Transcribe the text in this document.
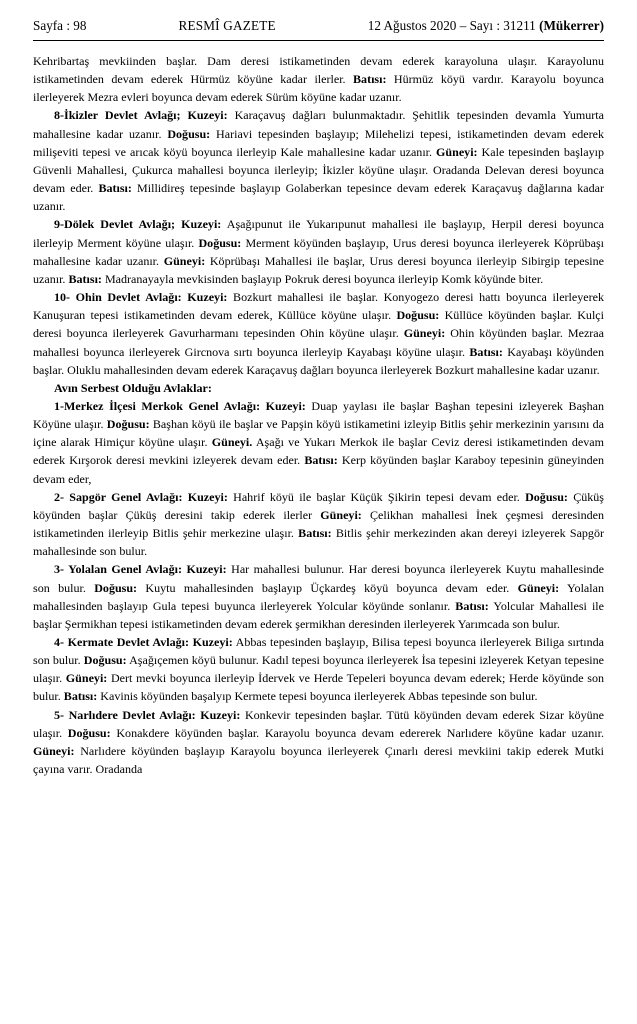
Sayfa : 98	RESMÎ GAZETE	12 Ağustos 2020 – Sayı : 31211 (Mükerrer)

Kehribartaş mevkiinden başlar. Dam deresi istikametinden devam ederek karayoluna ulaşır. Karayolunu istikametinden devam ederek Hürmüz köyüne kadar ilerler. Batısı: Hürmüz köyü vardır. Karayolu boyunca ilerleyerek Mezra evleri boyunca devam ederek Sürüm köyüne kadar uzanır.

8-İkizler Devlet Avlağı; Kuzeyi: Karaçavuş dağları bulunmaktadır. Şehitlik tepesinden devamla Yumurta mahallesine kadar uzanır. Doğusu: Hariavi tepesinden başlayıp; Milehelizi tepesi, istikametinden devam ederek milişeviti tepesi ve arıcak köyü boyunca ilerleyip Kale mahallesine kadar uzanır. Güneyi: Kale tepesinden başlayıp Güvenli Mahallesi, Çukurca mahallesi boyunca ilerleyip; İkizler köyüne ulaşır. Oradanda Delevan deresi boyunca devam eder. Batısı: Millidireş tepesinde başlayıp Golaberkan tepesince devam ederek Karaçavuş dağlarına kadar uzanır.

9-Dölek Devlet Avlağı; Kuzeyi: Aşağıpunut ile Yukarıpunut mahallesi ile başlayıp, Herpil deresi boyunca ilerleyip Merment köyüne ulaşır. Doğusu: Merment köyünden başlayıp, Urus deresi boyunca ilerleyerek Köprübaşı mahallesine kadar uzanır. Güneyi: Köprübaşı Mahallesi ile başlar, Urus deresi boyunca ilerleyip Sibirgip tepesine uzanır. Batısı: Madranayayla mevkisinden başlayıp Pokruk deresi boyunca ilerleyip Komk köyünde biter.

10- Ohin Devlet Avlağı: Kuzeyi: Bozkurt mahallesi ile başlar. Konyogezo deresi hattı boyunca ilerleyerek Kanuşuran tepesi istikametinden devam ederek, Küllüce köyüne ulaşır. Doğusu: Küllüce köyünden başlar. Kulçi deresi boyunca ilerleyerek Gavurharmanı tepesinden Ohin köyüne ulaşır. Güneyi: Ohin köyünden başlar. Mezraa mahallesi boyunca ilerleyerek Gircnova sırtı boyunca ilerleyip Kayabaşı köyüne ulaşır. Batısı: Kayabaşı köyünden başlar. Oluklu mahallesinden devam ederek Karaçavuş dağları boyunca ilerleyerek Bozkurt mahallesine kadar uzanır.

Avın Serbest Olduğu Avlaklar:

1-Merkez İlçesi Merkok Genel Avlağı: Kuzeyi: Duap yaylası ile başlar Başhan tepesini izleyerek Başhan Köyüne ulaşır. Doğusu: Başhan köyü ile başlar ve Papşin köyü istikametini izleyip Bitlis şehir merkezinin yarısını da içine alarak Himiçur köyüne ulaşır. Güneyi. Aşağı ve Yukarı Merkok ile başlar Ceviz deresi istikametinden devam ederek Kırşorok deresi mevkini izleyerek devam eder. Batısı: Kerp köyünden başlar Karaboy tepesinin güneyinden devam eder,

2- Sapgör Genel Avlağı: Kuzeyi: Hahrif köyü ile başlar Küçük Şikirin tepesi devam eder. Doğusu: Çüküş köyünden başlar Çüküş deresini takip ederek ilerler Güneyi: Çelikhan mahallesi İnek çeşmesi deresinden istikametinden ilerleyip Bitlis şehir merkezine ulaşır. Batısı: Bitlis şehir merkezinden akan dereyi izleyerek Sapgör mahallesinde son bulur.

3- Yolalan Genel Avlağı: Kuzeyi: Har mahallesi bulunur. Har deresi boyunca ilerleyerek Kuytu mahallesinde son bulur. Doğusu: Kuytu mahallesinden başlayıp Üçkardeş köyü boyunca devam eder. Güneyi: Yolalan mahallesinden başlayıp Gula tepesi buyunca ilerleyerek Yolcular köyünde sonlanır. Batısı: Yolcular Mahallesi ile başlar Şermikhan tepesi istikametinden devam ederek şermikhan deresinden ilerleyerek Yarımcada son bulur.

4- Kermate Devlet Avlağı: Kuzeyi: Abbas tepesinden başlayıp, Bilisa tepesi boyunca ilerleyerek Biliga sırtında son bulur. Doğusu: Aşağıçemen köyü bulunur. Kadıl tepesi boyunca ilerleyerek İsa tepesini izleyerek Ketyan tepesine ulaşır. Güneyi: Dert mevki boyunca ilerleyip İdervek ve Herde Tepeleri boyunca devam ederek; Herde köyünde son bulur. Batısı: Kavinis köyünden başalyıp Kermete tepesi boyunca ilerleyerek Abbas tepesinde son bulur.

5- Narlıdere Devlet Avlağı: Kuzeyi: Konkevir tepesinden başlar. Tütü köyünden devam ederek Sizar köyüne ulaşır. Doğusu: Konakdere köyünden başlar. Karayolu boyunca devam edererek Narlıdere köyüne kadar uzanır. Güneyi: Narlıdere köyünden başlayıp Karayolu boyunca ilerleyerek Çınarlı deresi mevkiini takip ederek Mutki çayına varır. Oradanda
